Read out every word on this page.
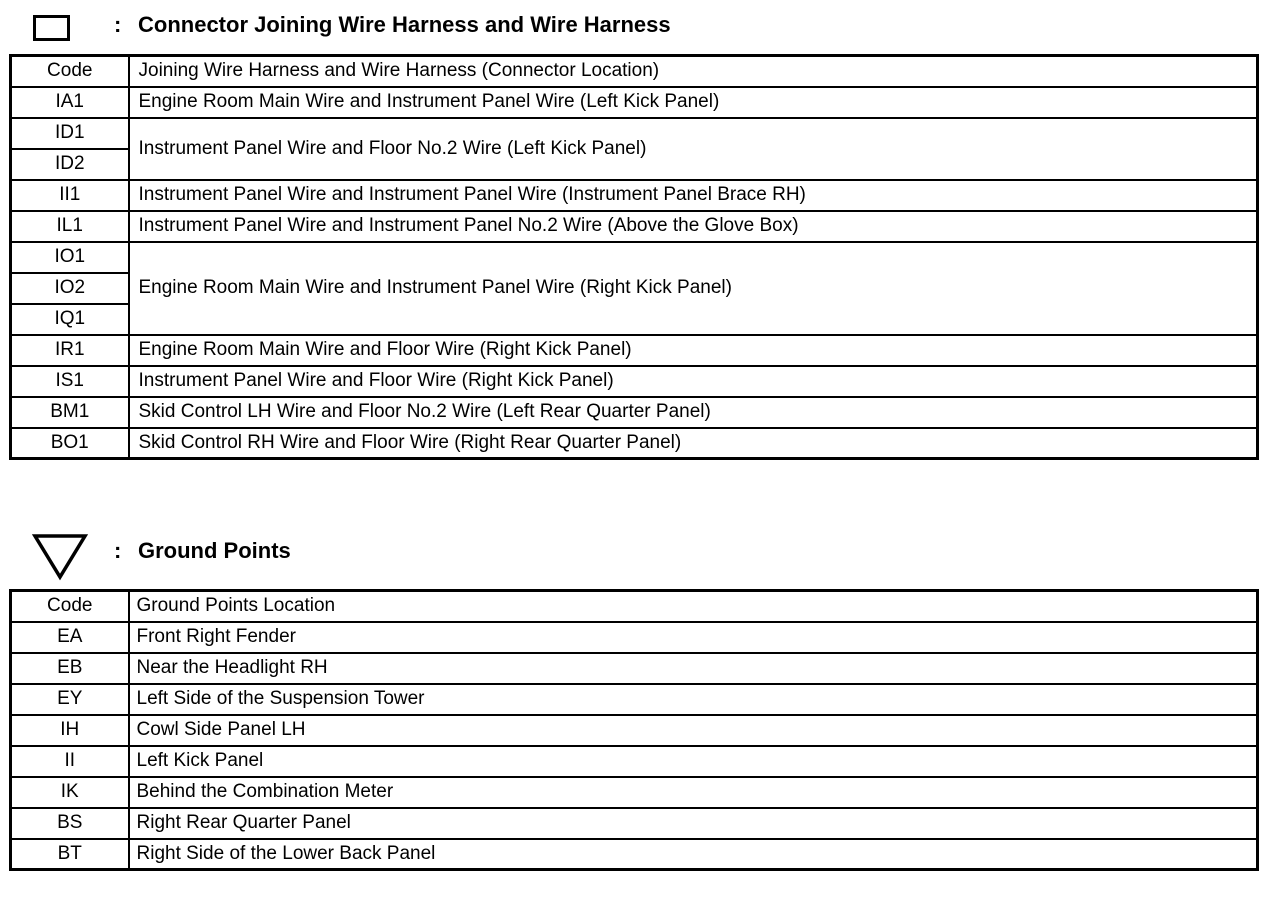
: Connector Joining Wire Harness and Wire Harness
Code	Joining Wire Harness and Wire Harness (Connector Location)
IA1	Engine Room Main Wire and Instrument Panel Wire (Left Kick Panel)
ID1	Instrument Panel Wire and Floor No.2 Wire (Left Kick Panel)
ID2	
II1	Instrument Panel Wire and Instrument Panel Wire (Instrument Panel Brace RH)
IL1	Instrument Panel Wire and Instrument Panel No.2 Wire (Above the Glove Box)
IO1	Engine Room Main Wire and Instrument Panel Wire (Right Kick Panel)
IO2	
IQ1	
IR1	Engine Room Main Wire and Floor Wire (Right Kick Panel)
IS1	Instrument Panel Wire and Floor Wire (Right Kick Panel)
BM1	Skid Control LH Wire and Floor No.2 Wire (Left Rear Quarter Panel)
BO1	Skid Control RH Wire and Floor Wire (Right Rear Quarter Panel)
: Ground Points
Code	Ground Points Location
EA	Front Right Fender
EB	Near the Headlight RH
EY	Left Side of the Suspension Tower
IH	Cowl Side Panel LH
II	Left Kick Panel
IK	Behind the Combination Meter
BS	Right Rear Quarter Panel
BT	Right Side of the Lower Back Panel
